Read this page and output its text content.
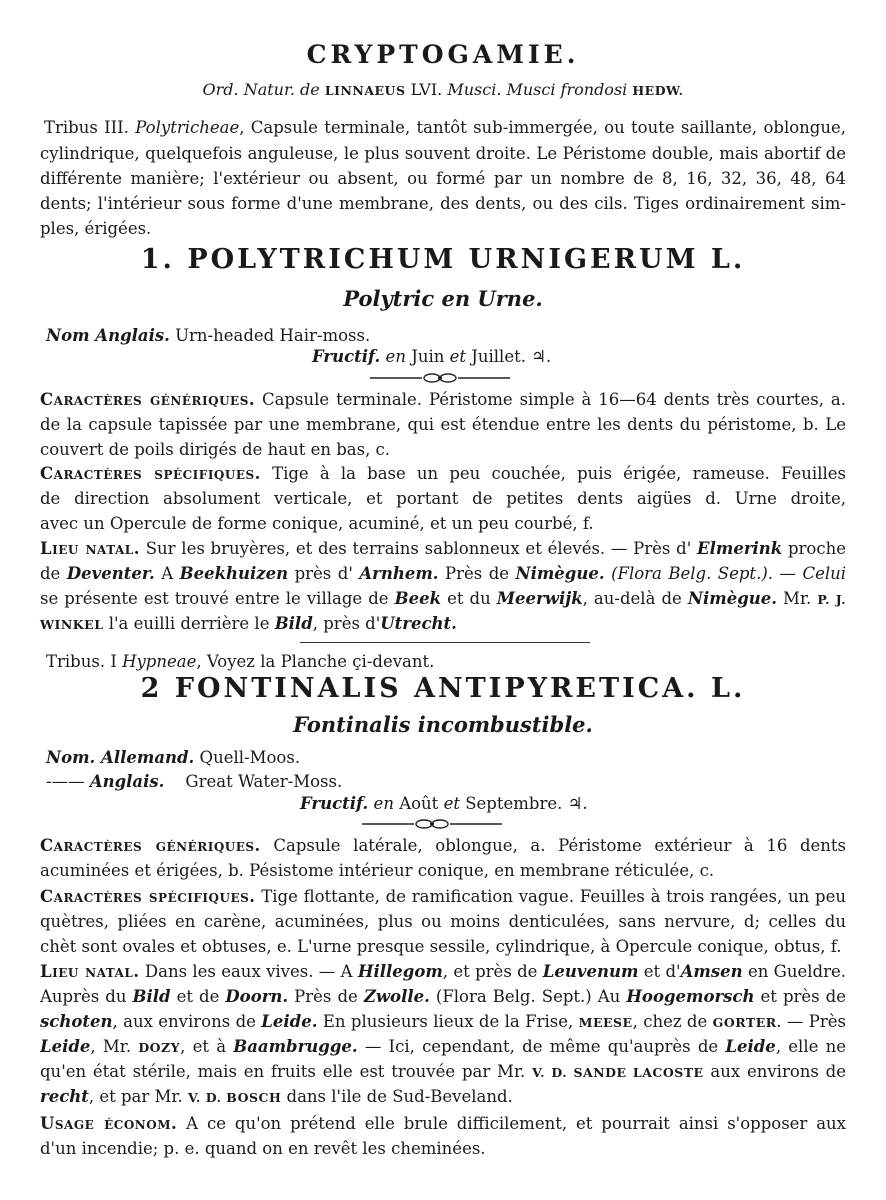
CRYPTOGAMIE.
Ord. Natur. de LINNAEUS LVI. Musci. Musci frondosi HEDW.
Tribus III. Polytricheae, Capsule terminale, tantôt sub-immergée, ou toute saillante, oblongue,
cylindrique, quelquefois anguleuse, le plus souvent droite. Le Péristome double, mais abortif de
différente manière; l'extérieur ou absent, ou formé par un nombre de 8, 16, 32, 36, 48, 64
dents; l'intérieur sous forme d'une membrane, des dents, ou des cils. Tiges ordinairement sim-
ples, érigées.
1. POLYTRICHUM URNIGERUM L.
Polytric en Urne.
Nom Anglais. Urn-headed Hair-moss.
Fructif. en Juin et Juillet. ♃.
Caractères génériques. Capsule terminale. Péristome simple à 16—64 dents très courtes, a.
de la capsule tapissée par une membrane, qui est étendue entre les dents du péristome, b. Le
couvert de poils dirigés de haut en bas, c.
Caractères spécifiques. Tige à la base un peu couchée, puis érigée, rameuse. Feuilles
de direction absolument verticale, et portant de petites dents aigües d. Urne droite,
avec un Opercule de forme conique, acuminé, et un peu courbé, f.
Lieu natal. Sur les bruyères, et des terrains sablonneux et élevés. — Près d' Elmerink proche
de Deventer. A Beekhuizen près d' Arnhem. Près de Nimègue. (Flora Belg. Sept.). — Celui
se présente est trouvé entre le village de Beek et du Meerwijk, au-delà de Nimègue. Mr. P. J.
WINKEL l'a euilli derrière le Bild, près d'Utrecht.
Tribus. I Hypneae, Voyez la Planche çi-devant.
2 FONTINALIS ANTIPYRETICA. L.
Fontinalis incombustible.
Nom. Allemand. Quell-Moos.
-—— Anglais. Great Water-Moss.
Fructif. en Août et Septembre. ♃.
Caractères génériques. Capsule latérale, oblongue, a. Péristome extérieur à 16 dents
acuminées et érigées, b. Pésistome intérieur conique, en membrane réticulée, c.
Caractères spécifiques. Tige flottante, de ramification vague. Feuilles à trois rangées, un peu
quètres, pliées en carène, acuminées, plus ou moins denticulées, sans nervure, d; celles du
chèt sont ovales et obtuses, e. L'urne presque sessile, cylindrique, à Opercule conique, obtus, f.
Lieu natal. Dans les eaux vives. — A Hillegom, et près de Leuvenum et d'Amsen en Gueldre.
Auprès du Bild et de Doorn. Près de Zwolle. (Flora Belg. Sept.) Au Hoogemorsch et près de
schoten, aux environs de Leide. En plusieurs lieux de la Frise, MEESE, chez de GORTER. — Près
Leide, Mr. DOZY, et à Baambrugge. — Ici, cependant, de même qu'auprès de Leide, elle ne
qu'en état stérile, mais en fruits elle est trouvée par Mr. V. D. SANDE LACOSTE aux environs de
recht, et par Mr. V. D. BOSCH dans l'ile de Sud-Beveland.
Usage économ. A ce qu'on prétend elle brule difficilement, et pourrait ainsi s'opposer aux
d'un incendie; p. e. quand on en revêt les cheminées.
